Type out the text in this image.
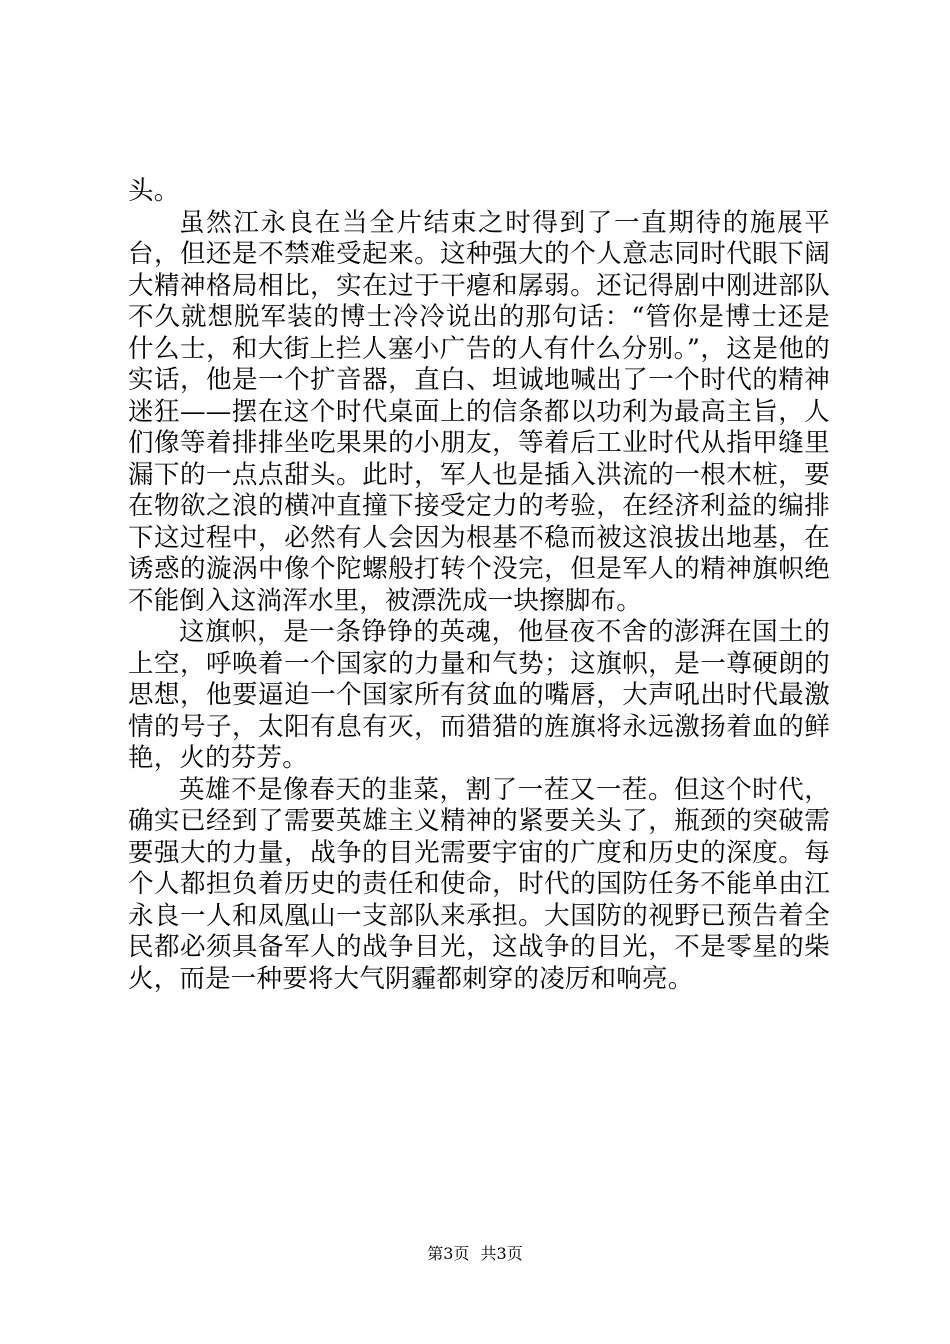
头。

虽然江永良在当全片结束之时得到了一直期待的施展平台，但还是不禁难受起来。这种强大的个人意志同时代眼下阔大精神格局相比，实在过于干瘪和孱弱。还记得剧中刚进部队不久就想脱军装的博士冷冷说出的那句话：“管你是博士还是什么士，和大街上拦人塞小广告的人有什么分别。”，这是他的实话，他是一个扩音器，直白、坦诚地喊出了一个时代的精神迷狂——摆在这个时代桌面上的信条都以功利为最高主旨，人们像等着排排坐吃果果的小朋友，等着后工业时代从指甲缝里漏下的一点点甜头。此时，军人也是插入洪流的一根木桩，要在物欲之浪的横冲直撞下接受定力的考验，在经济利益的编排下这过程中，必然有人会因为根基不稳而被这浪拔出地基，在诱惑的漩涡中像个陀螺般打转个没完，但是军人的精神旗帜绝不能倒入这淌浑水里，被漂洗成一块擦脚布。

这旗帜，是一条铮铮的英魂，他昼夜不舍的澎湃在国土的上空，呼唤着一个国家的力量和气势；这旗帜，是一尊硬朗的思想，他要逼迫一个国家所有贫血的嘴唇，大声吼出时代最激情的号子，太阳有息有灭，而猎猎的旌旗将永远激扬着血的鲜艳，火的芬芳。

英雄不是像春天的韭菜，割了一茬又一茬。但这个时代，确实已经到了需要英雄主义精神的紧要关头了，瓶颈的突破需要强大的力量，战争的目光需要宇宙的广度和历史的深度。每个人都担负着历史的责任和使命，时代的国防任务不能单由江永良一人和凤凰山一支部队来承担。大国防的视野已预告着全民都必须具备军人的战争目光，这战争的目光，不是零星的柴火，而是一种要将大气阴霾都刺穿的凌厉和响亮。

第3页 共3页
